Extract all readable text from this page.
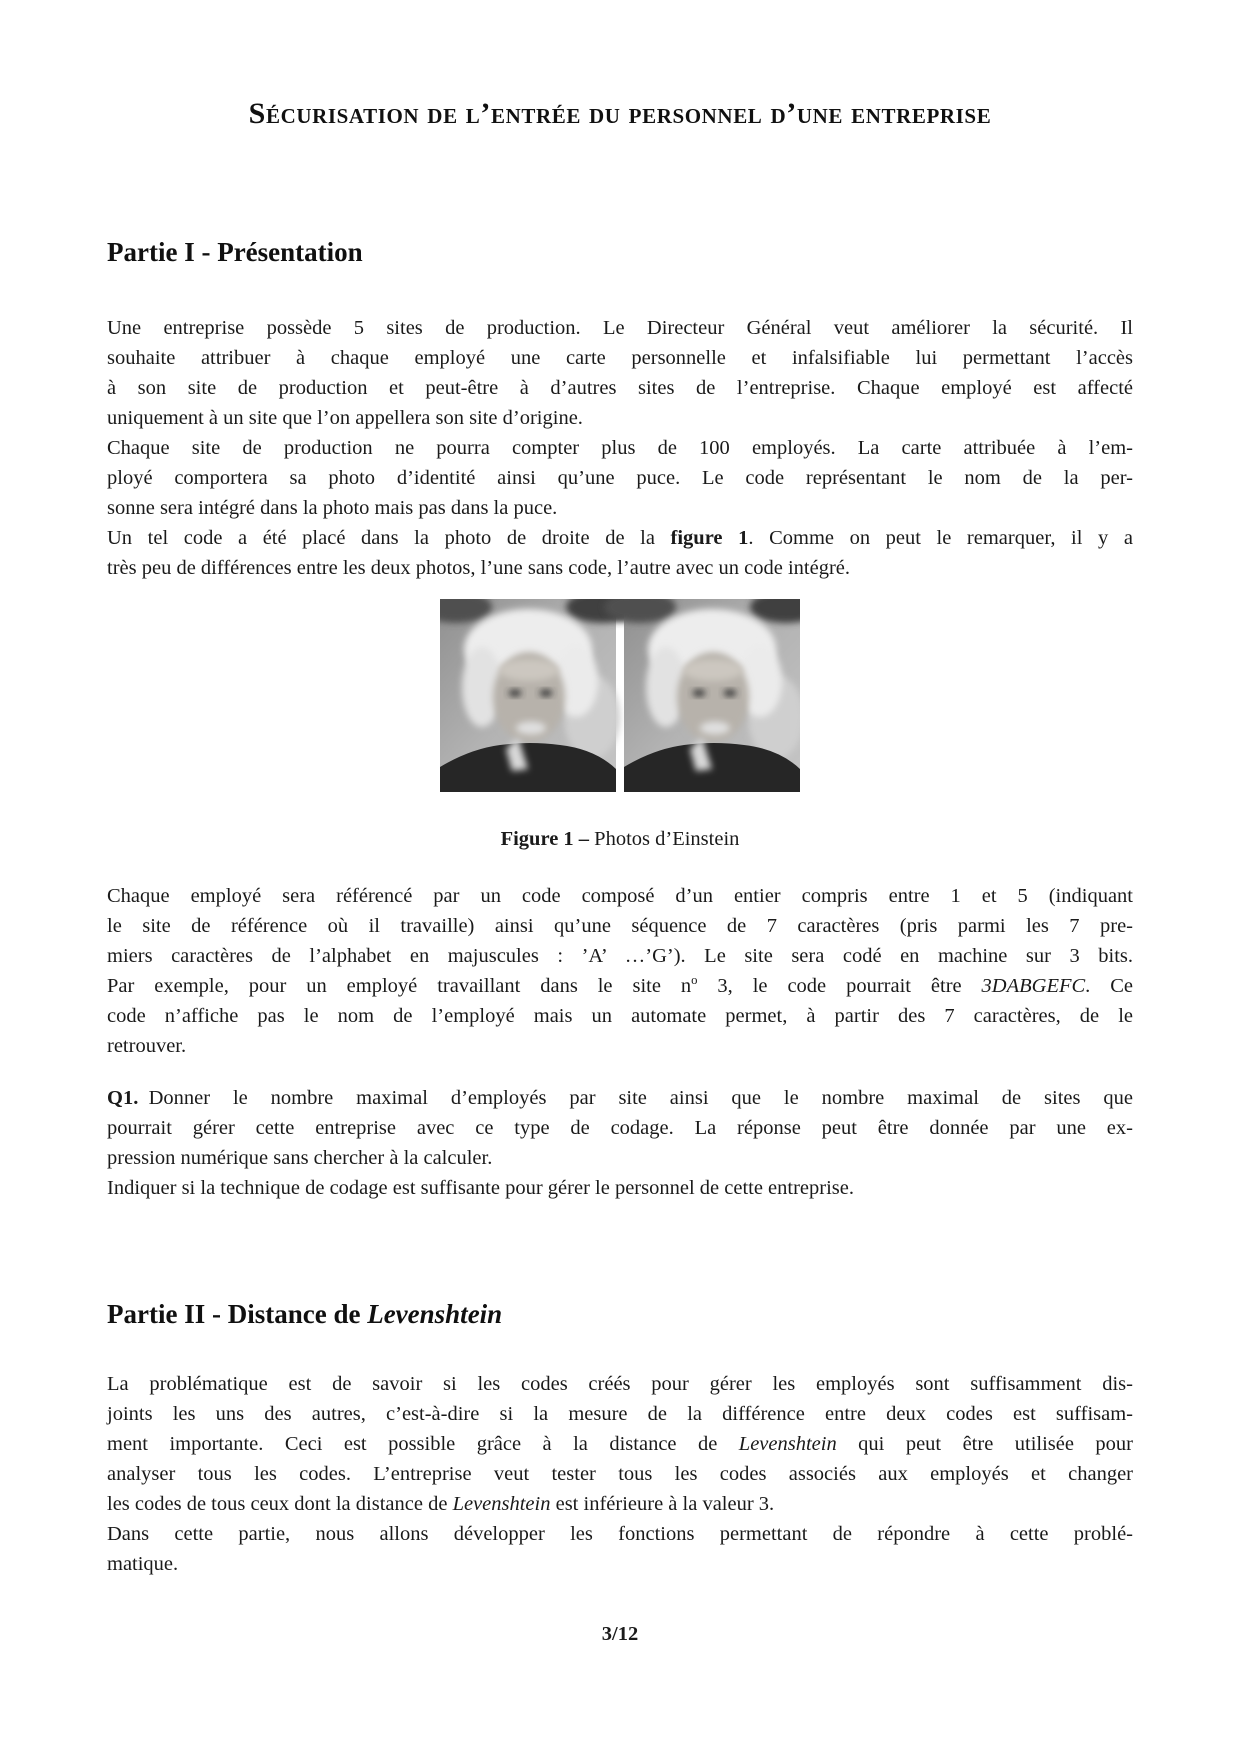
Sécurisation de l’entrée du personnel d’une entreprise
Partie I - Présentation
Une entreprise possède 5 sites de production. Le Directeur Général veut améliorer la sécurité. Il
souhaite attribuer à chaque employé une carte personnelle et infalsifiable lui permettant l’accès
à son site de production et peut-être à d’autres sites de l’entreprise. Chaque employé est affecté
uniquement à un site que l’on appellera son site d’origine.
Chaque site de production ne pourra compter plus de 100 employés. La carte attribuée à l’em-
ployé comportera sa photo d’identité ainsi qu’une puce. Le code représentant le nom de la per-
sonne sera intégré dans la photo mais pas dans la puce.
Un tel code a été placé dans la photo de droite de la figure 1. Comme on peut le remarquer, il y a
très peu de différences entre les deux photos, l’une sans code, l’autre avec un code intégré.
Figure 1 – Photos d’Einstein
Chaque employé sera référencé par un code composé d’un entier compris entre 1 et 5 (indiquant
le site de référence où il travaille) ainsi qu’une séquence de 7 caractères (pris parmi les 7 pre-
miers caractères de l’alphabet en majuscules : ’A’ …’G’). Le site sera codé en machine sur 3 bits.
Par exemple, pour un employé travaillant dans le site $n^o$ 3, le code pourrait être 3DABGEFC. Ce
code n’affiche pas le nom de l’employé mais un automate permet, à partir des 7 caractères, de le
retrouver.
Q1. Donner le nombre maximal d’employés par site ainsi que le nombre maximal de sites que
pourrait gérer cette entreprise avec ce type de codage. La réponse peut être donnée par une ex-
pression numérique sans chercher à la calculer.
Indiquer si la technique de codage est suffisante pour gérer le personnel de cette entreprise.
Partie II - Distance de Levenshtein
La problématique est de savoir si les codes créés pour gérer les employés sont suffisamment dis-
joints les uns des autres, c’est-à-dire si la mesure de la différence entre deux codes est suffisam-
ment importante. Ceci est possible grâce à la distance de Levenshtein qui peut être utilisée pour
analyser tous les codes. L’entreprise veut tester tous les codes associés aux employés et changer
les codes de tous ceux dont la distance de Levenshtein est inférieure à la valeur 3.
Dans cette partie, nous allons développer les fonctions permettant de répondre à cette problé-
matique.
3/12
